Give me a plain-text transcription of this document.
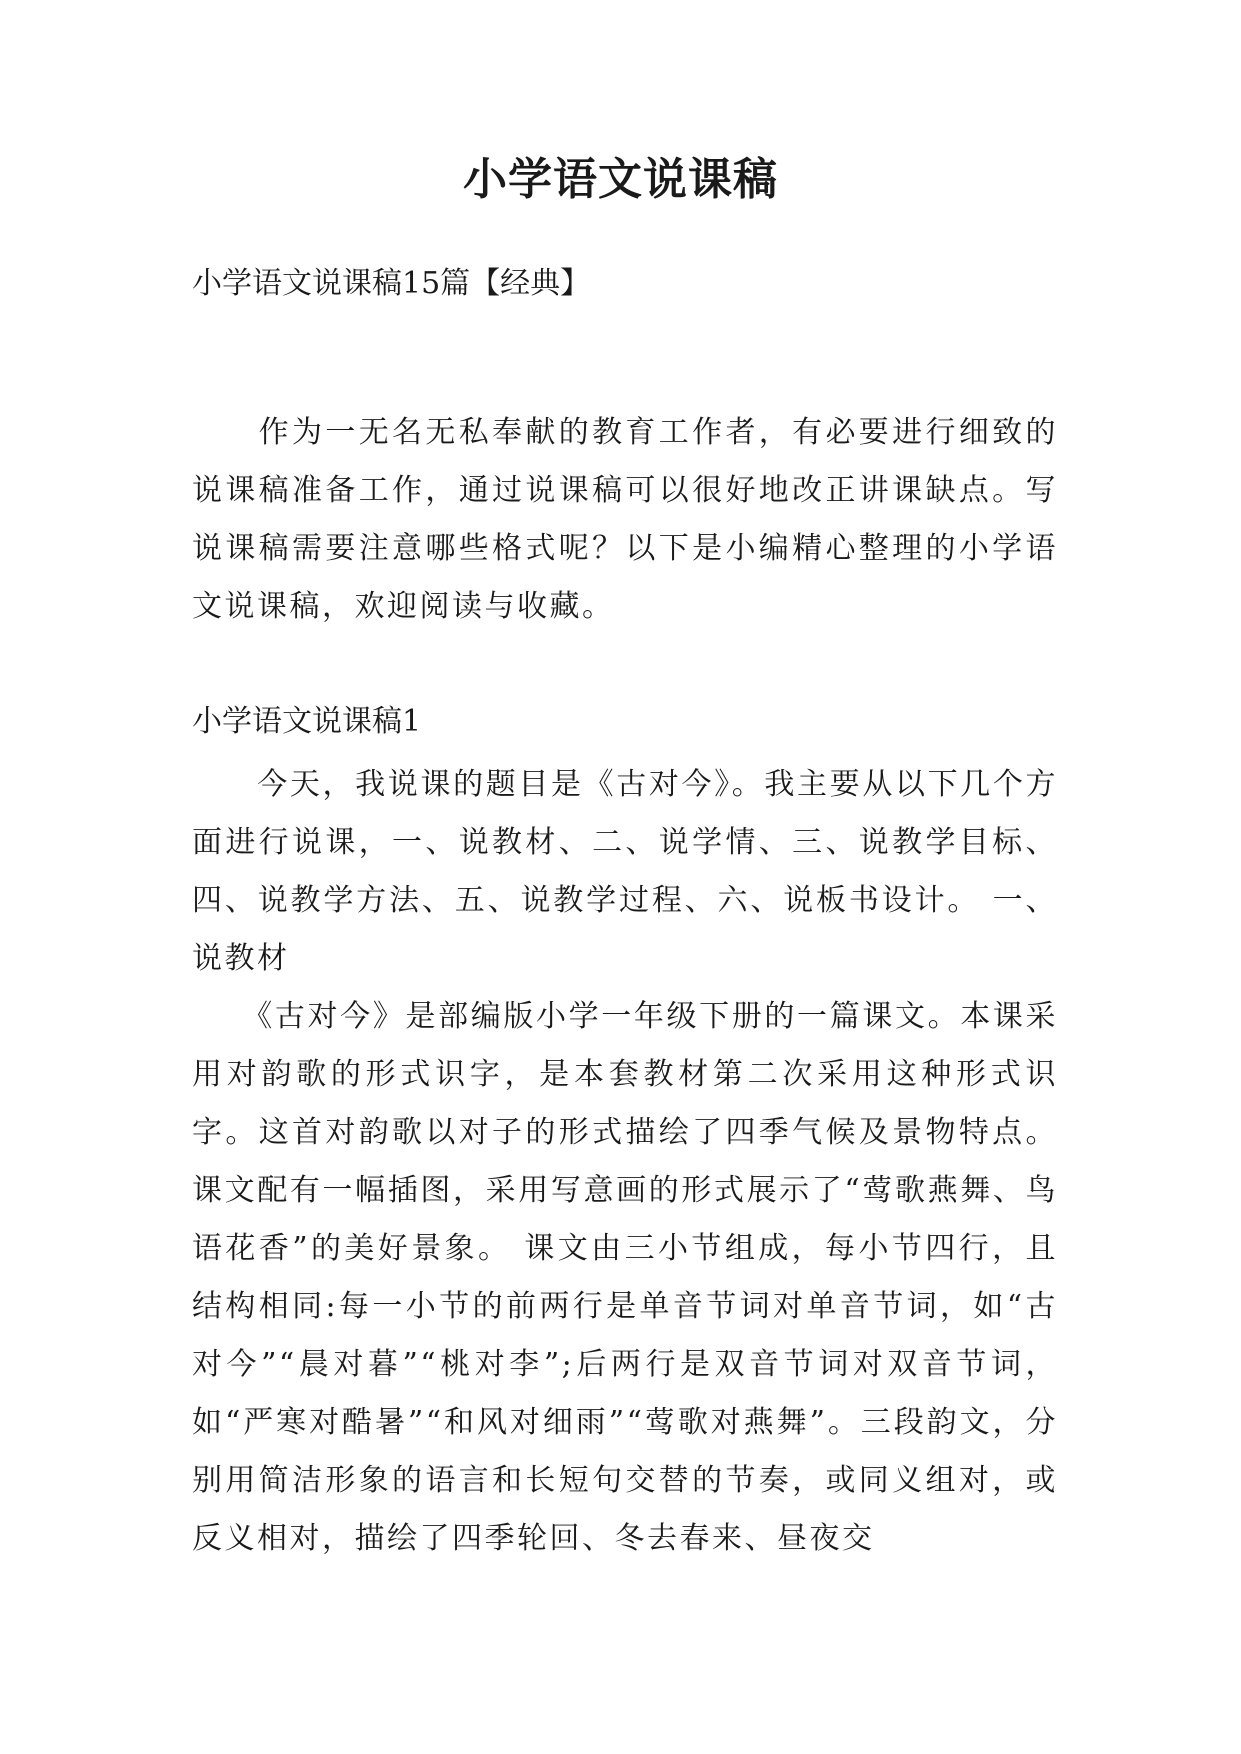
小学语文说课稿

小学语文说课稿15篇【经典】

　　作为一无名无私奉献的教育工作者，有必要进行细致的说课稿准备工作，通过说课稿可以很好地改正讲课缺点。写说课稿需要注意哪些格式呢？以下是小编精心整理的小学语文说课稿，欢迎阅读与收藏。

小学语文说课稿1

　　今天，我说课的题目是《古对今》。我主要从以下几个方面进行说课，一、说教材、二、说学情、三、说教学目标、四、说教学方法、五、说教学过程、六、说板书设计。 一、说教材

　　《古对今》是部编版小学一年级下册的一篇课文。本课采用对韵歌的形式识字，是本套教材第二次采用这种形式识字。这首对韵歌以对子的形式描绘了四季气候及景物特点。课文配有一幅插图，采用写意画的形式展示了“莺歌燕舞、鸟语花香”的美好景象。 课文由三小节组成，每小节四行，且结构相同:每一小节的前两行是单音节词对单音节词，如“古对今”“晨对暮”“桃对李”;后两行是双音节词对双音节词，如“严寒对酷暑”“和风对细雨”“莺歌对燕舞”。三段韵文，分别用简洁形象的语言和长短句交替的节奏，或同义组对，或反义相对，描绘了四季轮回、冬去春来、昼夜交
